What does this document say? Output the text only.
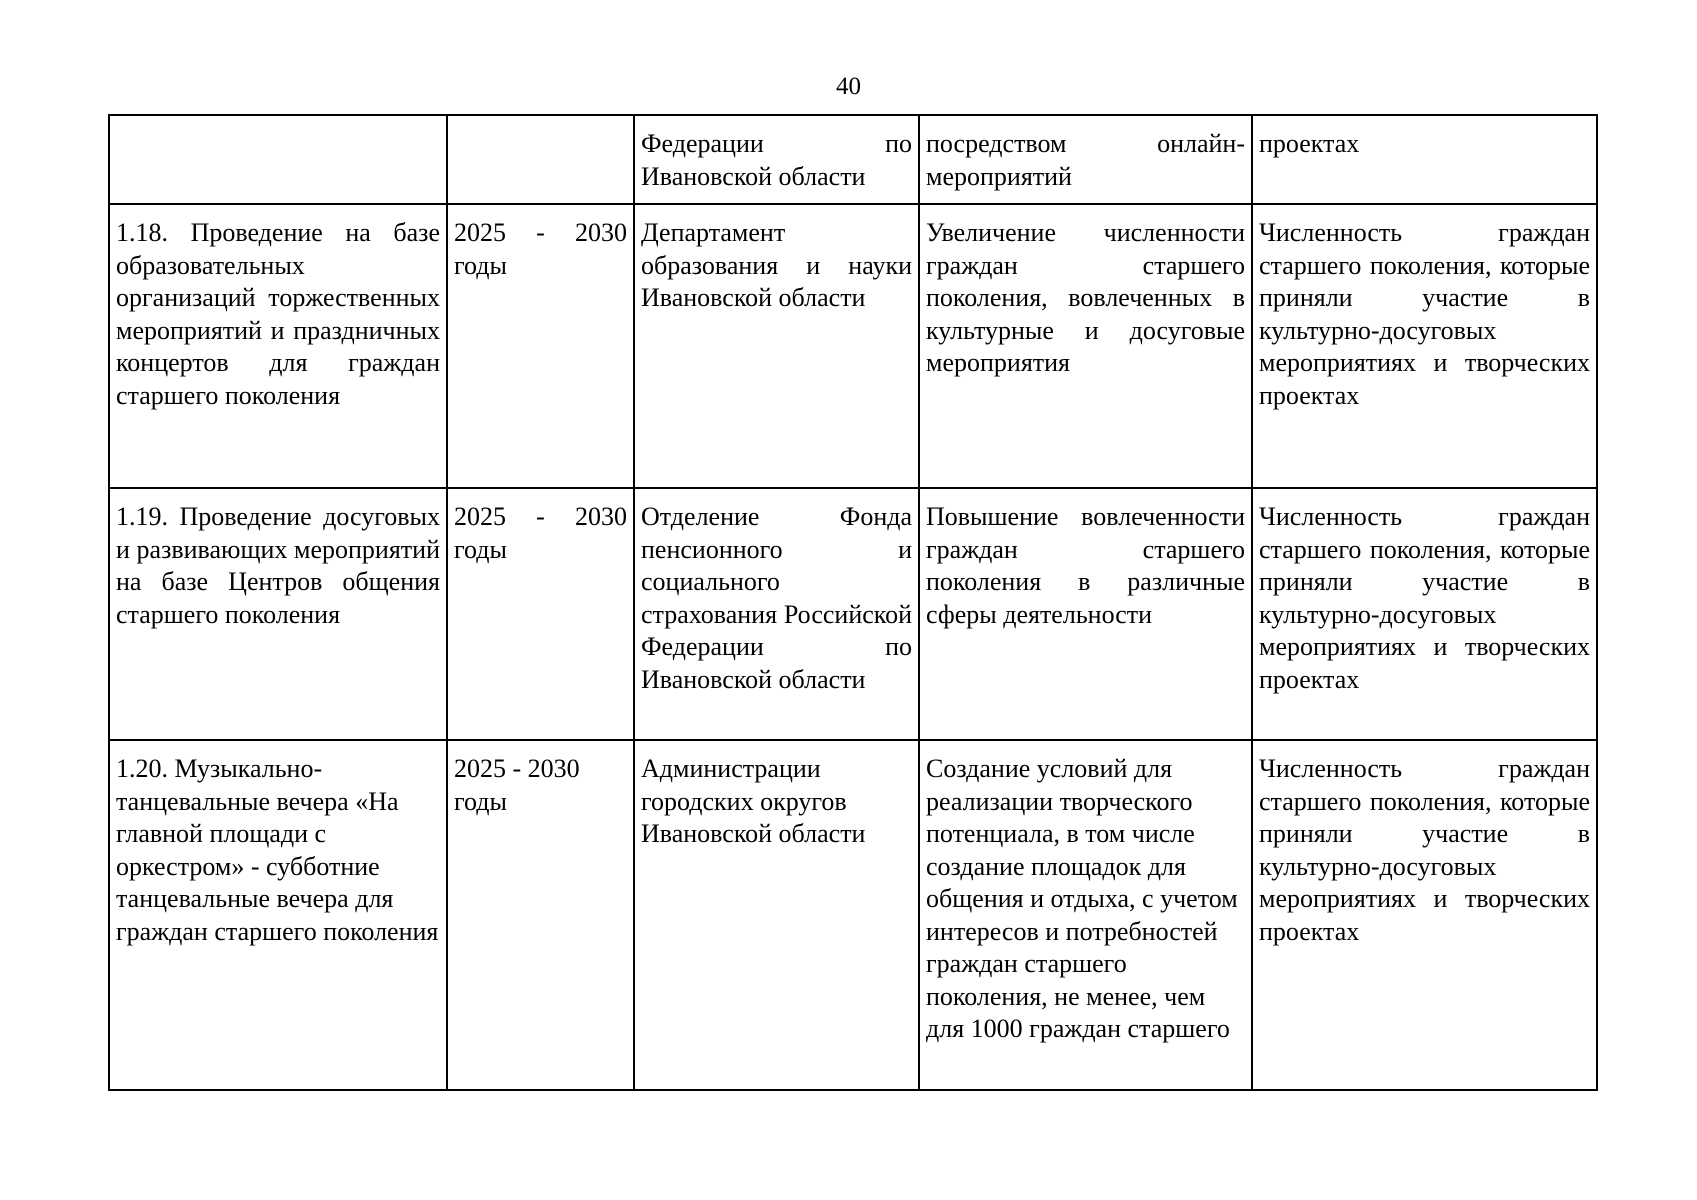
40

		Федерации по Ивановской области	посредством онлайн-мероприятий	проектах

1.18. Проведение на базе образовательных организаций торжественных мероприятий и праздничных концертов для граждан старшего поколения	2025 - 2030 годы	Департамент образования и науки Ивановской области	Увеличение численности граждан старшего поколения, вовлеченных в культурные и досуговые мероприятия	Численность граждан старшего поколения, которые приняли участие в культурно-досуговых мероприятиях и творческих проектах

1.19. Проведение досуговых и развивающих мероприятий на базе Центров общения старшего поколения	2025 - 2030 годы	Отделение Фонда пенсионного и социального страхования Российской Федерации по Ивановской области	Повышение вовлеченности граждан старшего поколения в различные сферы деятельности	Численность граждан старшего поколения, которые приняли участие в культурно-досуговых мероприятиях и творческих проектах

1.20. Музыкально-танцевальные вечера «На главной площади с оркестром» - субботние танцевальные вечера для граждан старшего поколения	2025 - 2030 годы	Администрации городских округов Ивановской области	Создание условий для реализации творческого потенциала, в том числе создание площадок для общения и отдыха, с учетом интересов и потребностей граждан старшего поколения, не менее, чем для 1000 граждан старшего	Численность граждан старшего поколения, которые приняли участие в культурно-досуговых мероприятиях и творческих проектах
